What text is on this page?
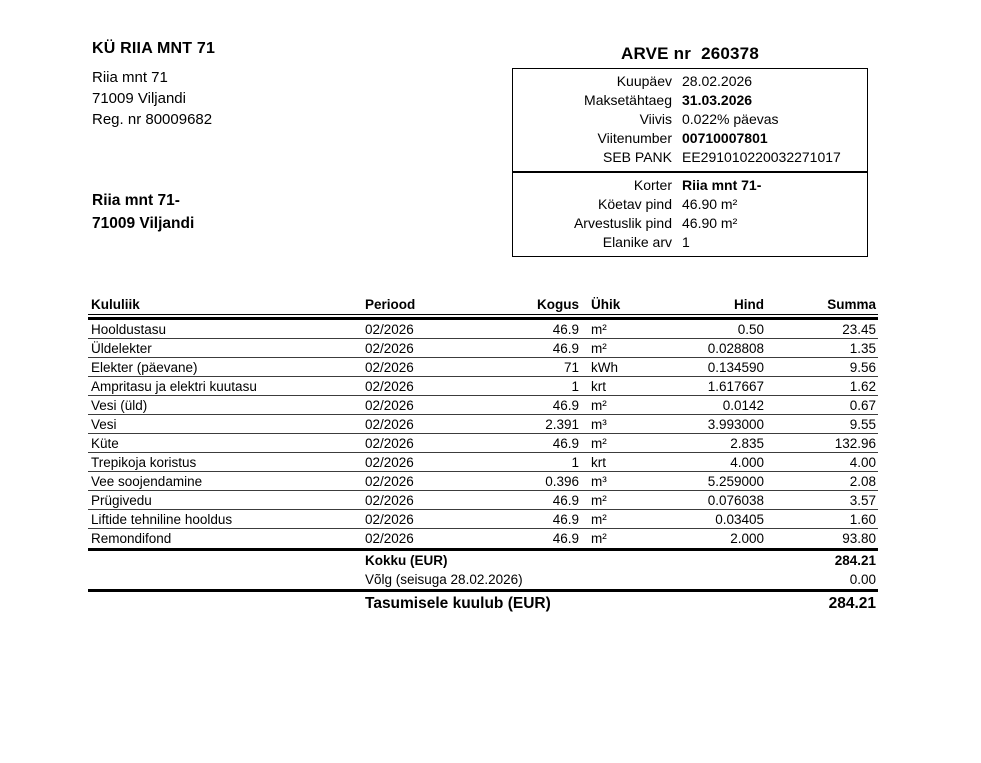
KÜ RIIA MNT 71
Riia mnt 71
71009 Viljandi
Reg. nr 80009682
Riia mnt 71-
71009 Viljandi
ARVE nr 260378
Kuupäev 28.02.2026
Maksetähtaeg 31.03.2026
Viivis 0.022% päevas
Viitenumber 00710007801
SEB PANK EE291010220032271017
Korter Riia mnt 71-
Köetav pind 46.90 m²
Arvestuslik pind 46.90 m²
Elanike arv 1
Kululiik	Periood	Kogus Ühik	Hind	Summa
Hooldustasu	02/2026	46.9 m²	0.50	23.45
Üldelekter	02/2026	46.9 m²	0.028808	1.35
Elekter (päevane)	02/2026	71 kWh	0.134590	9.56
Ampritasu ja elektri kuutasu	02/2026	1 krt	1.617667	1.62
Vesi (üld)	02/2026	46.9 m²	0.0142	0.67
Vesi	02/2026	2.391 m³	3.993000	9.55
Küte	02/2026	46.9 m²	2.835	132.96
Trepikoja koristus	02/2026	1 krt	4.000	4.00
Vee soojendamine	02/2026	0.396 m³	5.259000	2.08
Prügivedu	02/2026	46.9 m²	0.076038	3.57
Liftide tehniline hooldus	02/2026	46.9 m²	0.03405	1.60
Remondifond	02/2026	46.9 m²	2.000	93.80
Kokku (EUR)	284.21
Võlg (seisuga 28.02.2026)	0.00
Tasumisele kuulub (EUR)	284.21
